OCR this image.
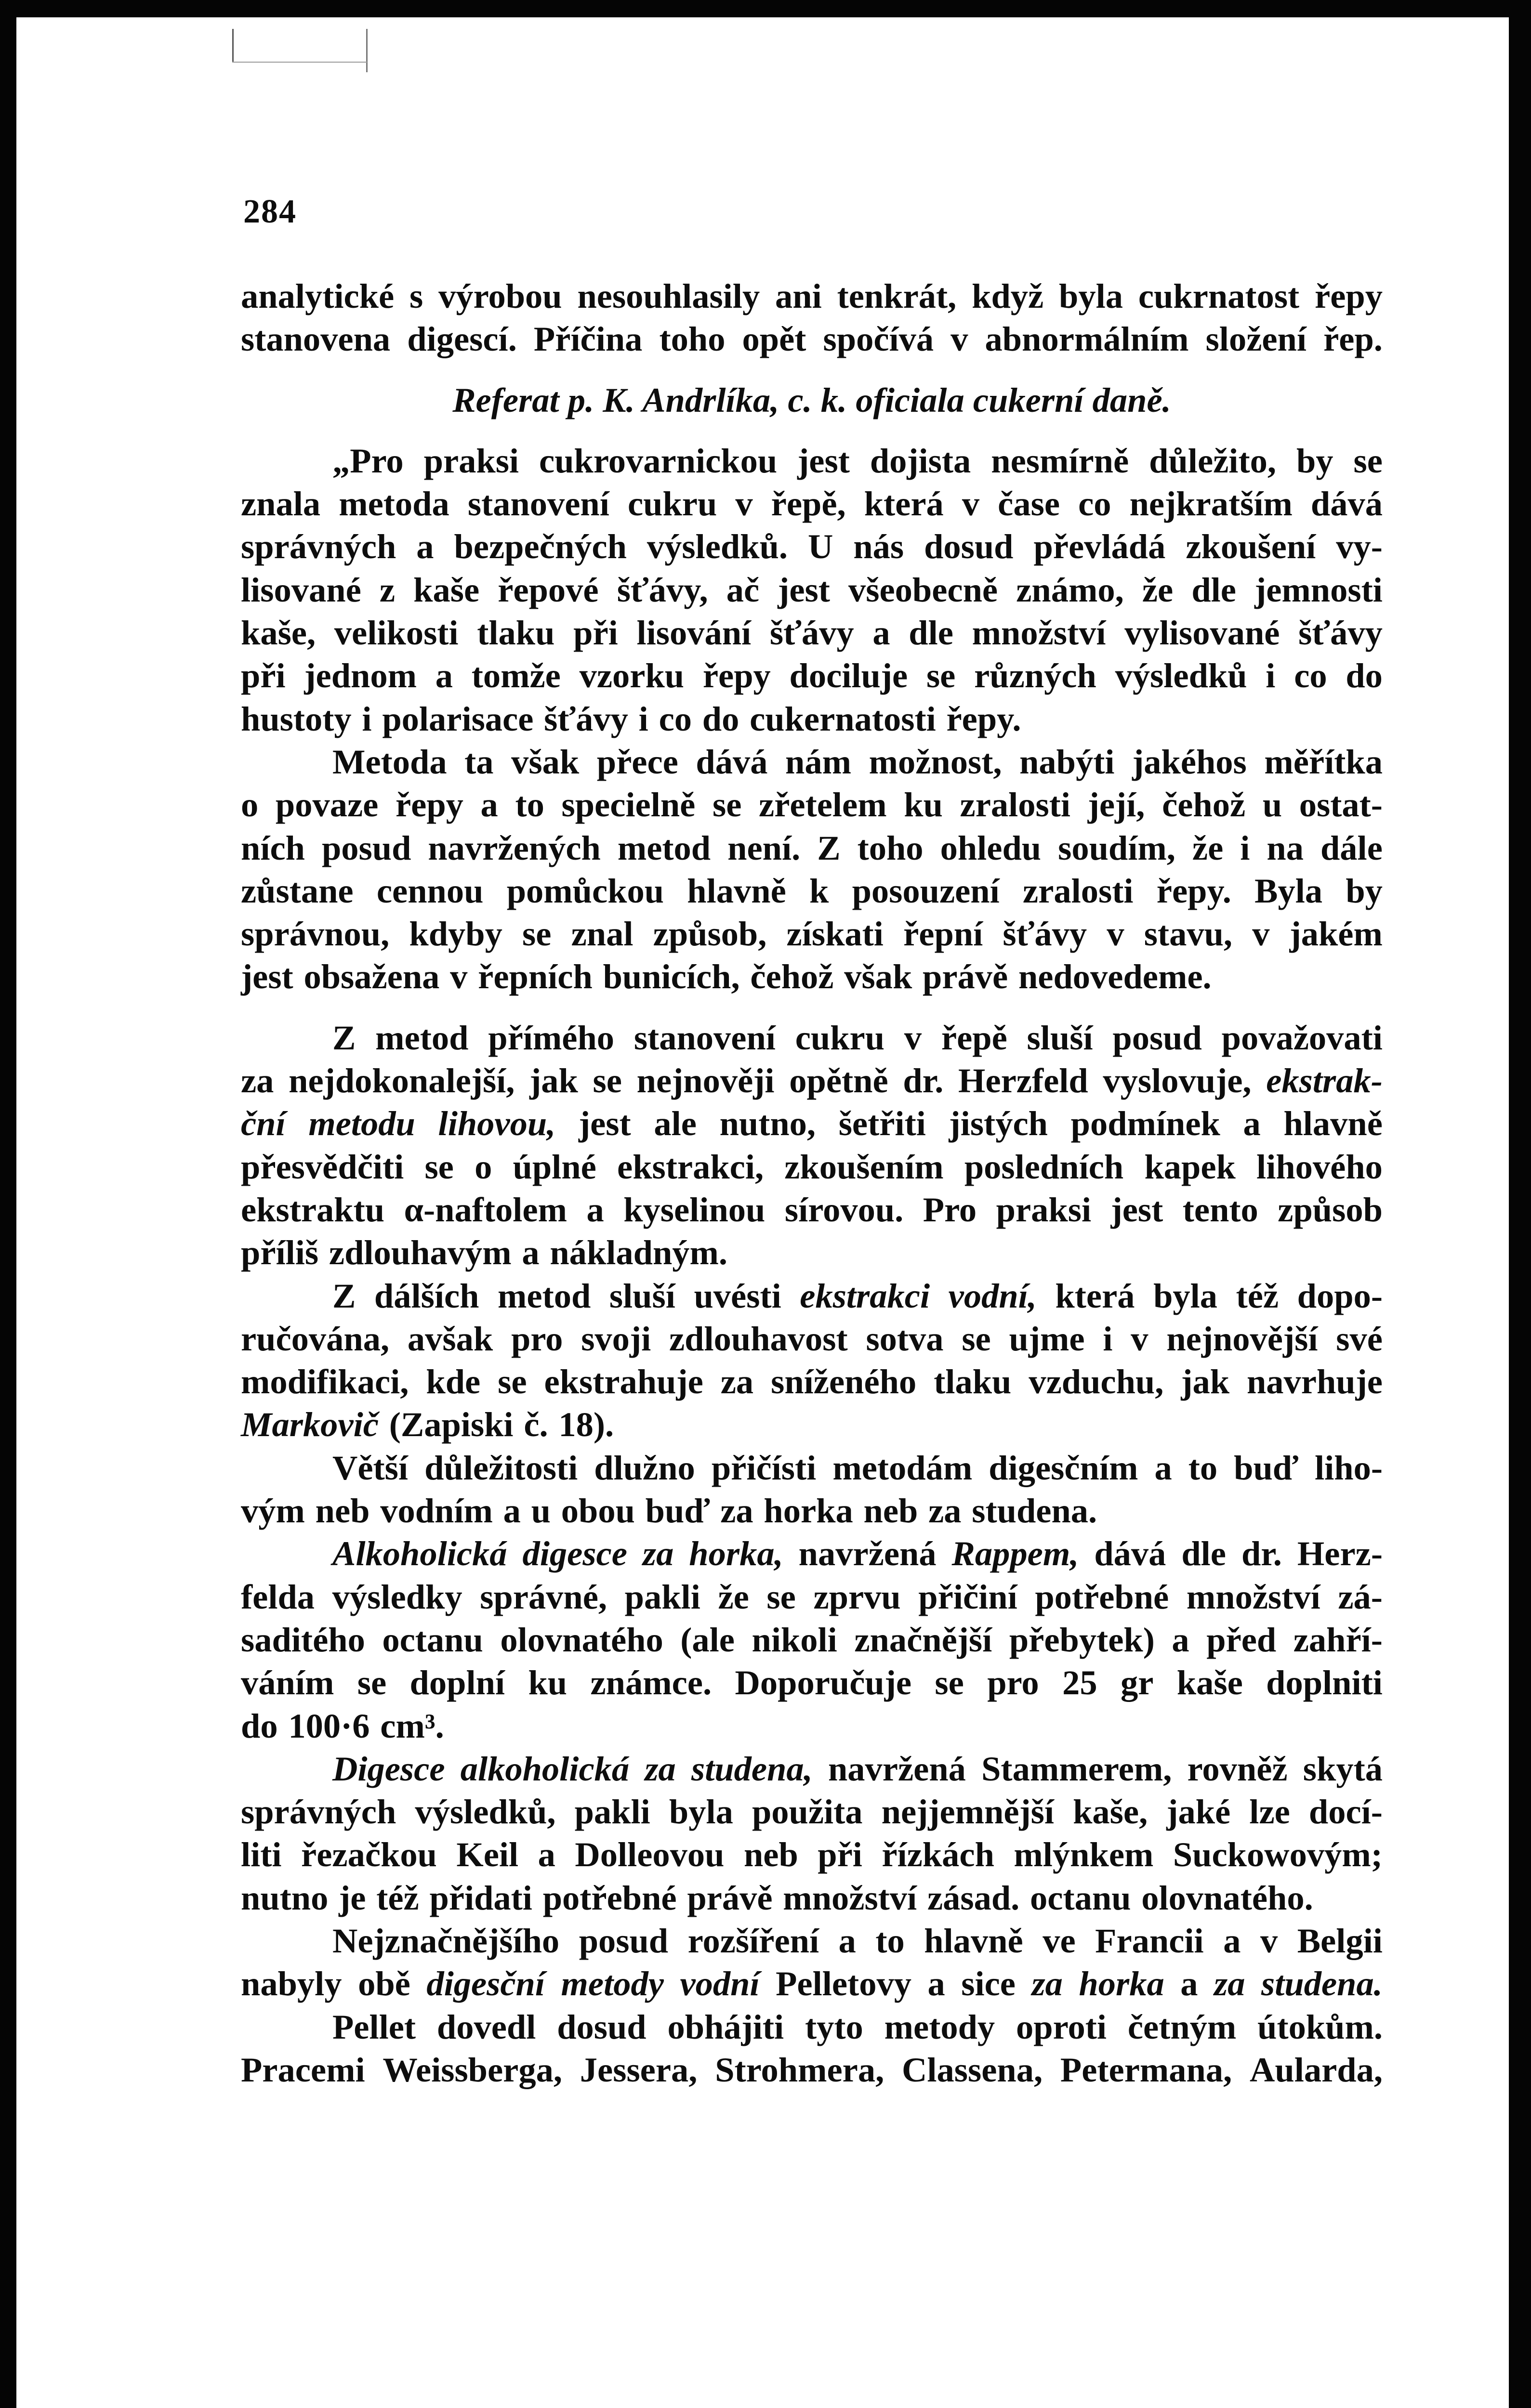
284
analytické s výrobou nesouhlasily ani tenkrát, když byla cukrnatost řepy
stanovena digescí. Příčina toho opět spočívá v abnormálním složení řep.
Referat p. K. Andrlíka, c. k. oficiala cukerní daně.
„Pro praksi cukrovarnickou jest dojista nesmírně důležito, by se
znala metoda stanovení cukru v řepě, která v čase co nejkratším dává
správných a bezpečných výsledků. U nás dosud převládá zkoušení vy-
lisované z kaše řepové šťávy, ač jest všeobecně známo, že dle jemnosti
kaše, velikosti tlaku při lisování šťávy a dle množství vylisované šťávy
při jednom a tomže vzorku řepy dociluje se různých výsledků i co do
hustoty i polarisace šťávy i co do cukernatosti řepy.
Metoda ta však přece dává nám možnost, nabýti jakéhos měřítka
o povaze řepy a to specielně se zřetelem ku zralosti její, čehož u ostat-
ních posud navržených metod není. Z toho ohledu soudím, že i na dále
zůstane cennou pomůckou hlavně k posouzení zralosti řepy. Byla by
správnou, kdyby se znal způsob, získati řepní šťávy v stavu, v jakém
jest obsažena v řepních bunicích, čehož však právě nedovedeme.
Z metod přímého stanovení cukru v řepě sluší posud považovati
za nejdokonalejší, jak se nejnověji opětně dr. Herzfeld vyslovuje, ekstrak-
ční metodu lihovou, jest ale nutno, šetřiti jistých podmínek a hlavně
přesvědčiti se o úplné ekstrakci, zkoušením posledních kapek lihového
ekstraktu α-naftolem a kyselinou sírovou. Pro praksi jest tento způsob
příliš zdlouhavým a nákladným.
Z dálších metod sluší uvésti ekstrakci vodní, která byla též dopo-
ručována, avšak pro svoji zdlouhavost sotva se ujme i v nejnovější své
modifikaci, kde se ekstrahuje za sníženého tlaku vzduchu, jak navrhuje
Markovič (Zapiski č. 18).
Větší důležitosti dlužno přičísti metodám digesčním a to buď liho-
vým neb vodním a u obou buď za horka neb za studena.
Alkoholická digesce za horka, navržená Rappem, dává dle dr. Herz-
felda výsledky správné, pakli že se zprvu přičiní potřebné množství zá-
saditého octanu olovnatého (ale nikoli značnější přebytek) a před zahří-
váním se doplní ku známce. Doporučuje se pro 25 gr kaše doplniti
do 100·6 cm³.
Digesce alkoholická za studena, navržená Stammerem, rovněž skytá
správných výsledků, pakli byla použita nejjemnější kaše, jaké lze docí-
liti řezačkou Keil a Dolleovou neb při řízkách mlýnkem Suckowovým;
nutno je též přidati potřebné právě množství zásad. octanu olovnatého.
Nejznačnějšího posud rozšíření a to hlavně ve Francii a v Belgii
nabyly obě digesční metody vodní Pelletovy a sice za horka a za studena.
Pellet dovedl dosud obhájiti tyto metody oproti četným útokům.
Pracemi Weissberga, Jessera, Strohmera, Classena, Petermana, Aularda,
